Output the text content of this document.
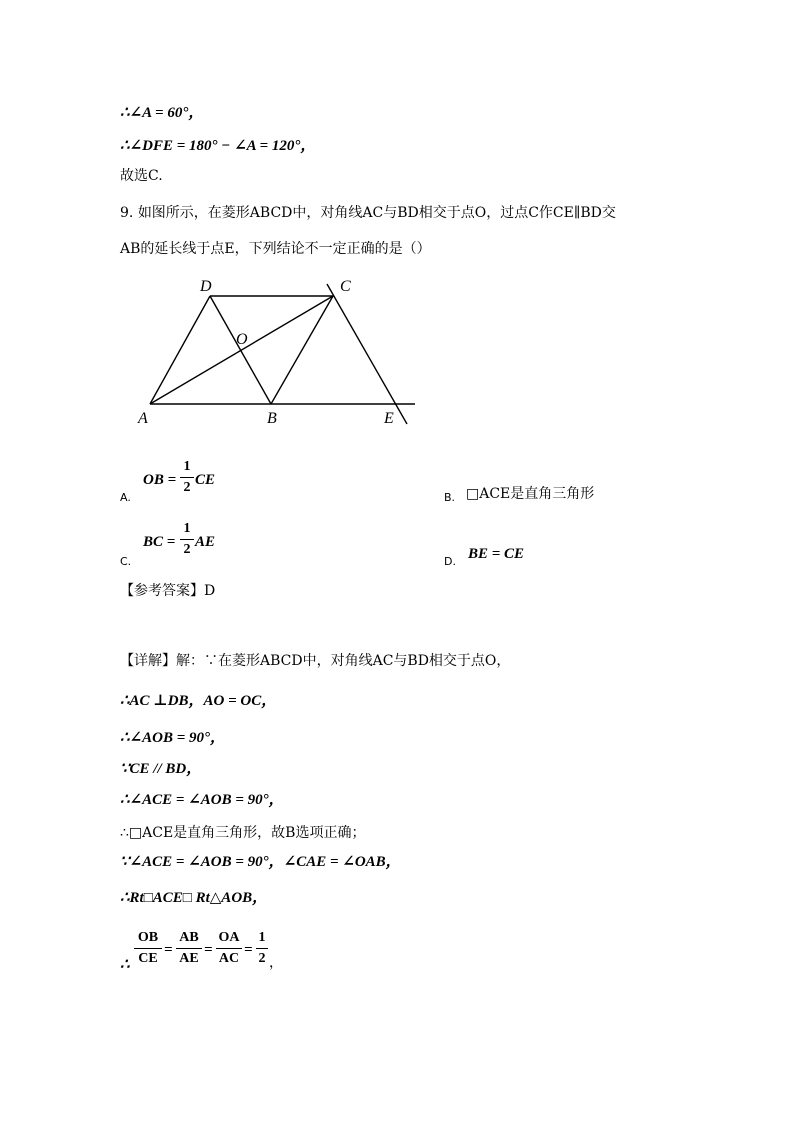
∴∠A = 60°，
∴∠DFE = 180° − ∠A = 120°，
故选C.
9. 如图所示，在菱形ABCD中，对角线AC与BD相交于点O，过点C作CE∥BD交
AB的延长线于点E，下列结论不一定正确的是（）
D	C
O
A	B	E
A.
OB =
1
2 CE
B. □ACE是直角三角形
C.
BC =
1
2 AE
D. BE = CE
【参考答案】D
【详解】解：∵在菱形ABCD中，对角线AC与BD相交于点O，
∴AC ⊥DB，AO = OC，
∴∠AOB = 90°，
∵CE // BD，
∴∠ACE = ∠AOB = 90°，
∴□ACE是直角三角形，故B选项正确；
∵∠ACE = ∠AOB = 90°，∠CAE = ∠OAB，
∴Rt□ACE□ Rt△AOB，
∴
OB
CE
=
AB
AE
=
OA
AC
=
1
2 ，
